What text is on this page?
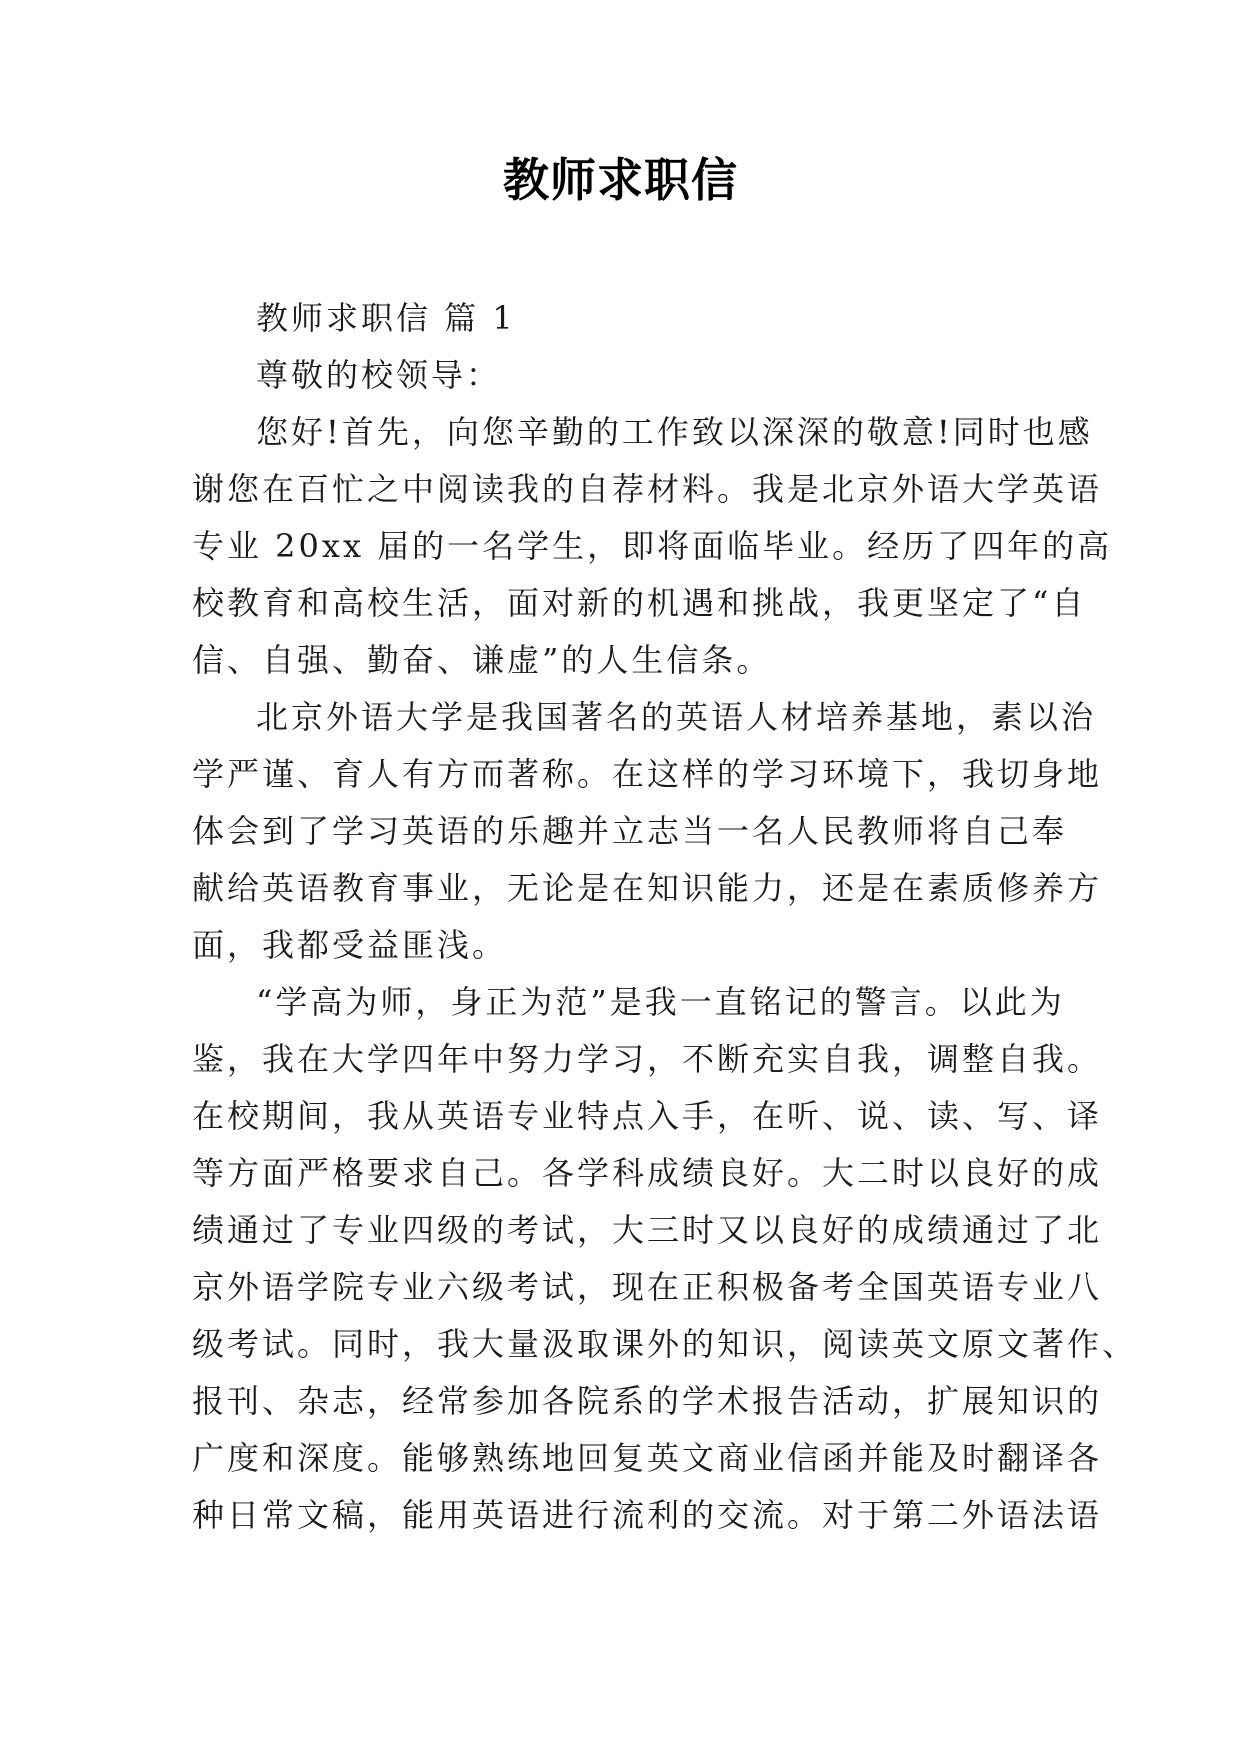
教师求职信
教师求职信 篇 1
尊敬的校领导：
您好!首先，向您辛勤的工作致以深深的敬意!同时也感
谢您在百忙之中阅读我的自荐材料。我是北京外语大学英语
专业 20xx 届的一名学生，即将面临毕业。经历了四年的高
校教育和高校生活，面对新的机遇和挑战，我更坚定了“自
信、自强、勤奋、谦虚”的人生信条。
北京外语大学是我国著名的英语人材培养基地，素以治
学严谨、育人有方而著称。在这样的学习环境下，我切身地
体会到了学习英语的乐趣并立志当一名人民教师将自己奉
献给英语教育事业，无论是在知识能力，还是在素质修养方
面，我都受益匪浅。
“学高为师，身正为范”是我一直铭记的警言。以此为
鉴，我在大学四年中努力学习，不断充实自我，调整自我。
在校期间，我从英语专业特点入手，在听、说、读、写、译
等方面严格要求自己。各学科成绩良好。大二时以良好的成
绩通过了专业四级的考试，大三时又以良好的成绩通过了北
京外语学院专业六级考试，现在正积极备考全国英语专业八
级考试。同时，我大量汲取课外的知识，阅读英文原文著作、
报刊、杂志，经常参加各院系的学术报告活动，扩展知识的
广度和深度。能够熟练地回复英文商业信函并能及时翻译各
种日常文稿，能用英语进行流利的交流。对于第二外语法语
